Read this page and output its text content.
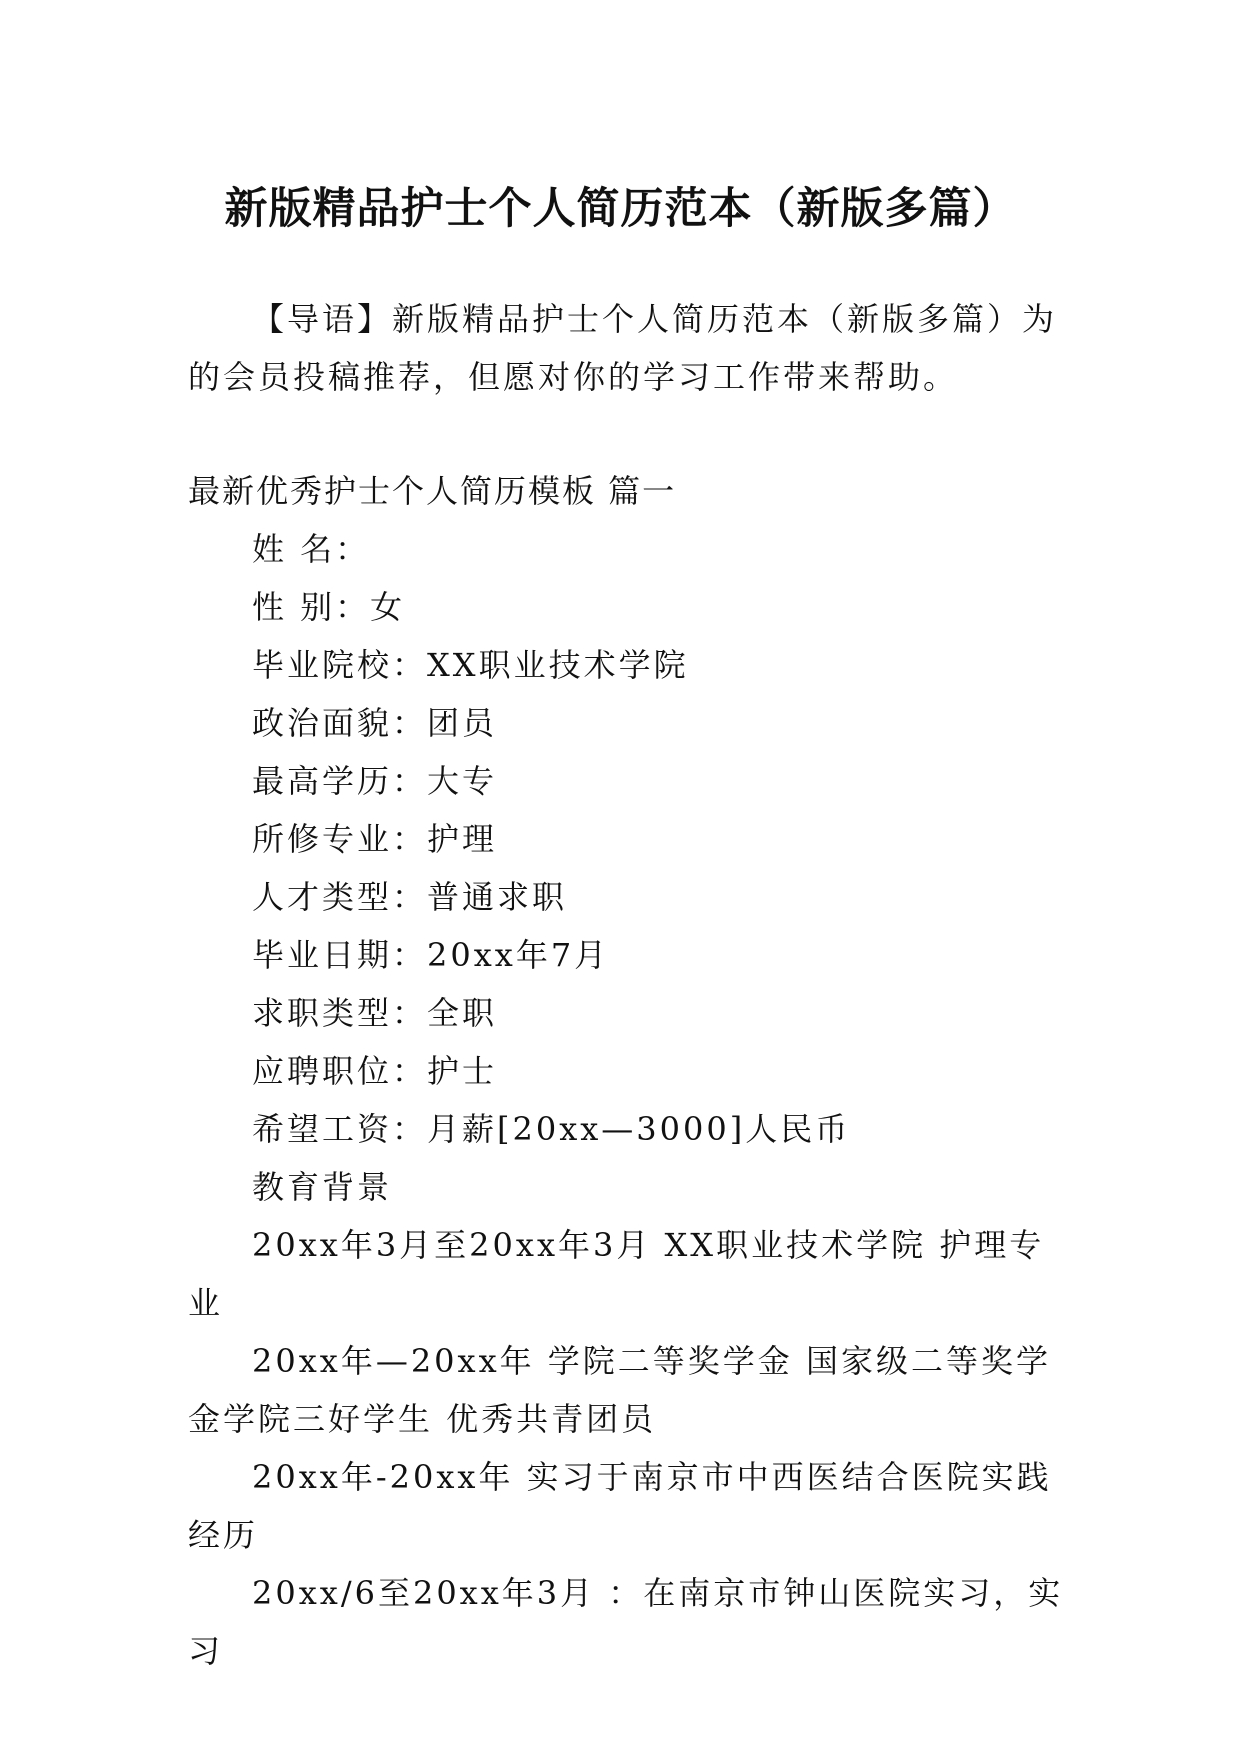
新版精品护士个人简历范本（新版多篇）

【导语】新版精品护士个人简历范本（新版多篇）为的会员投稿推荐，但愿对你的学习工作带来帮助。

最新优秀护士个人简历模板 篇一
姓 名：
性 别：女
毕业院校：XX职业技术学院
政治面貌：团员
最高学历：大专
所修专业：护理
人才类型：普通求职
毕业日期：20xx年7月
求职类型：全职
应聘职位：护士
希望工资：月薪[20xx—3000]人民币
教育背景

20xx年3月至20xx年3月 XX职业技术学院 护理专业

20xx年—20xx年 学院二等奖学金 国家级二等奖学金学院三好学生 优秀共青团员

20xx年-20xx年 实习于南京市中西医结合医院实践经历

20xx/6至20xx年3月 ：在南京市钟山医院实习，实习
